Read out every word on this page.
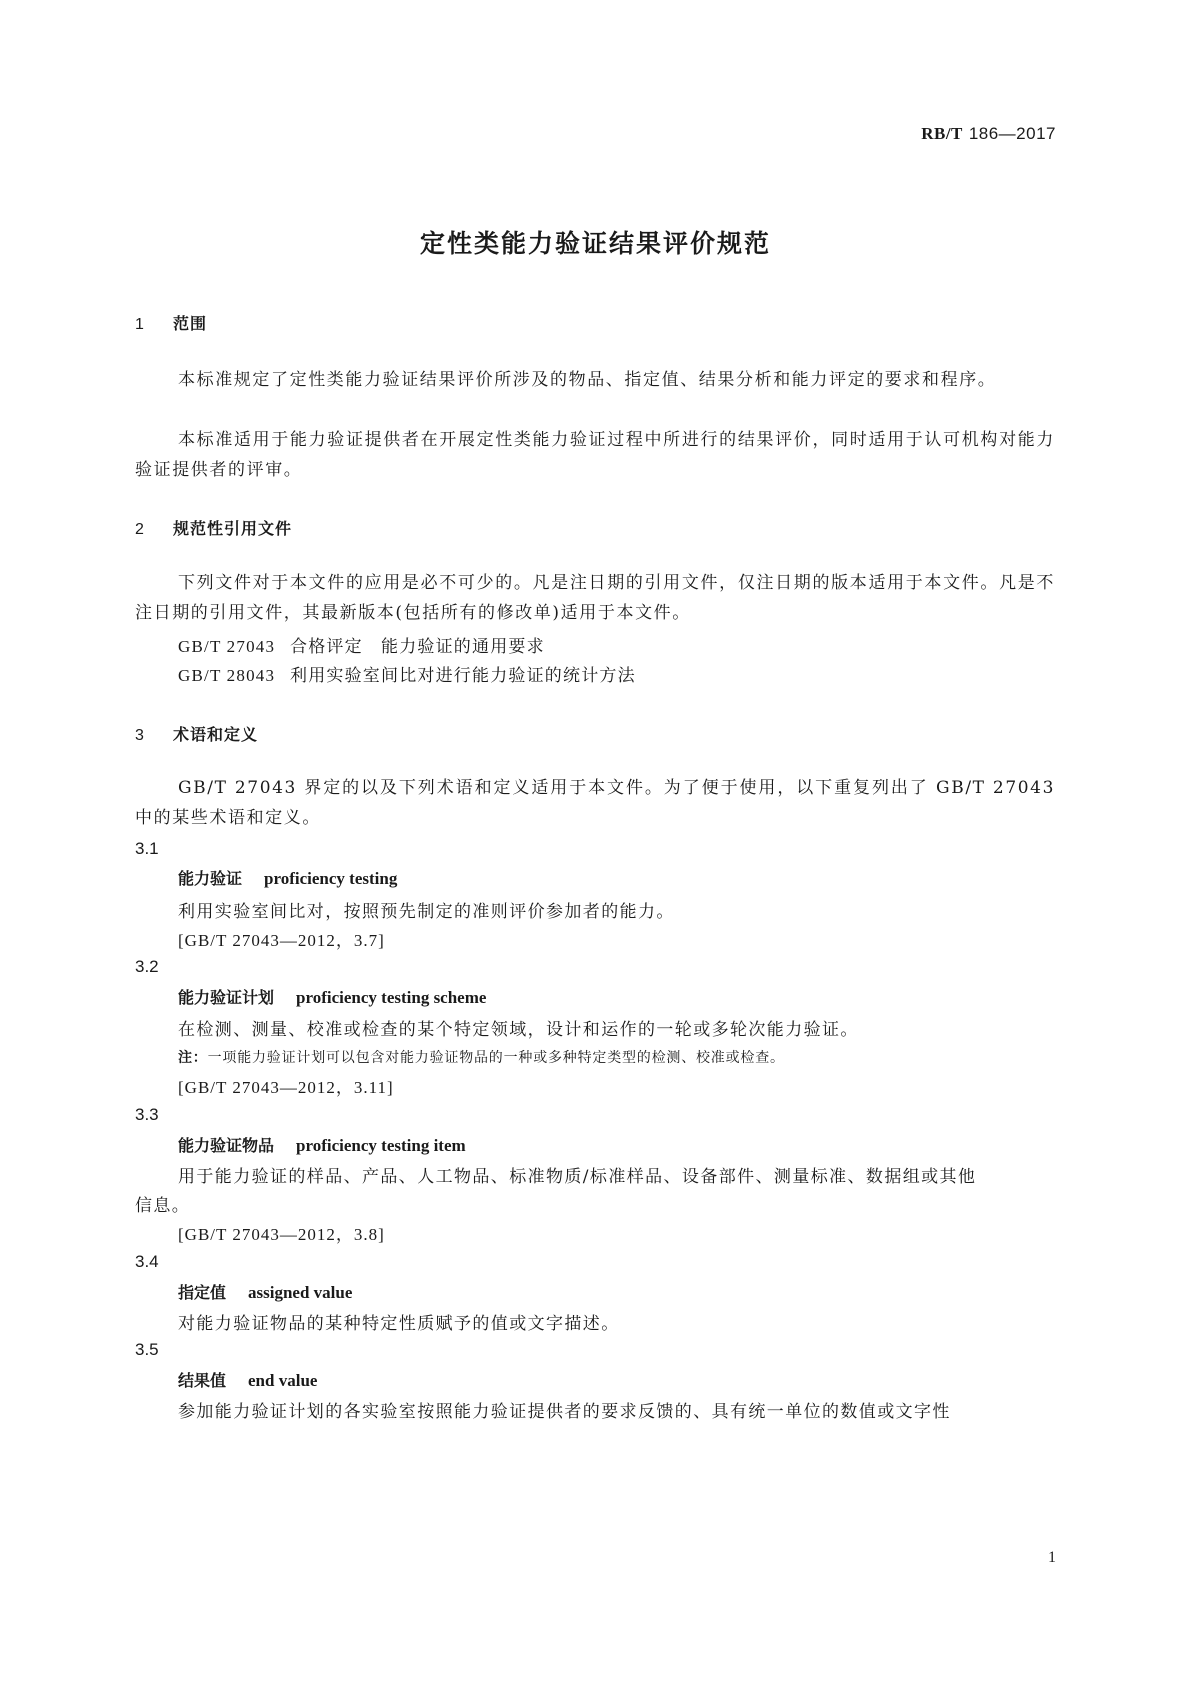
RB/T 186—2017
定性类能力验证结果评价规范
1 范围
本标准规定了定性类能力验证结果评价所涉及的物品、指定值、结果分析和能力评定的要求和程序。
本标准适用于能力验证提供者在开展定性类能力验证过程中所进行的结果评价，同时适用于认可机构对能力验证提供者的评审。
2 规范性引用文件
下列文件对于本文件的应用是必不可少的。凡是注日期的引用文件，仅注日期的版本适用于本文件。凡是不注日期的引用文件，其最新版本(包括所有的修改单)适用于本文件。
GB/T 27043 合格评定　能力验证的通用要求
GB/T 28043 利用实验室间比对进行能力验证的统计方法
3 术语和定义
GB/T 27043 界定的以及下列术语和定义适用于本文件。为了便于使用，以下重复列出了 GB/T 27043 中的某些术语和定义。
3.1
能力验证 proficiency testing
利用实验室间比对，按照预先制定的准则评价参加者的能力。
[GB/T 27043—2012，3.7]
3.2
能力验证计划 proficiency testing scheme
在检测、测量、校准或检查的某个特定领域，设计和运作的一轮或多轮次能力验证。
注：一项能力验证计划可以包含对能力验证物品的一种或多种特定类型的检测、校准或检查。
[GB/T 27043—2012，3.11]
3.3
能力验证物品 proficiency testing item
用于能力验证的样品、产品、人工物品、标准物质/标准样品、设备部件、测量标准、数据组或其他
信息。
[GB/T 27043—2012，3.8]
3.4
指定值 assigned value
对能力验证物品的某种特定性质赋予的值或文字描述。
3.5
结果值 end value
参加能力验证计划的各实验室按照能力验证提供者的要求反馈的、具有统一单位的数值或文字性
1
